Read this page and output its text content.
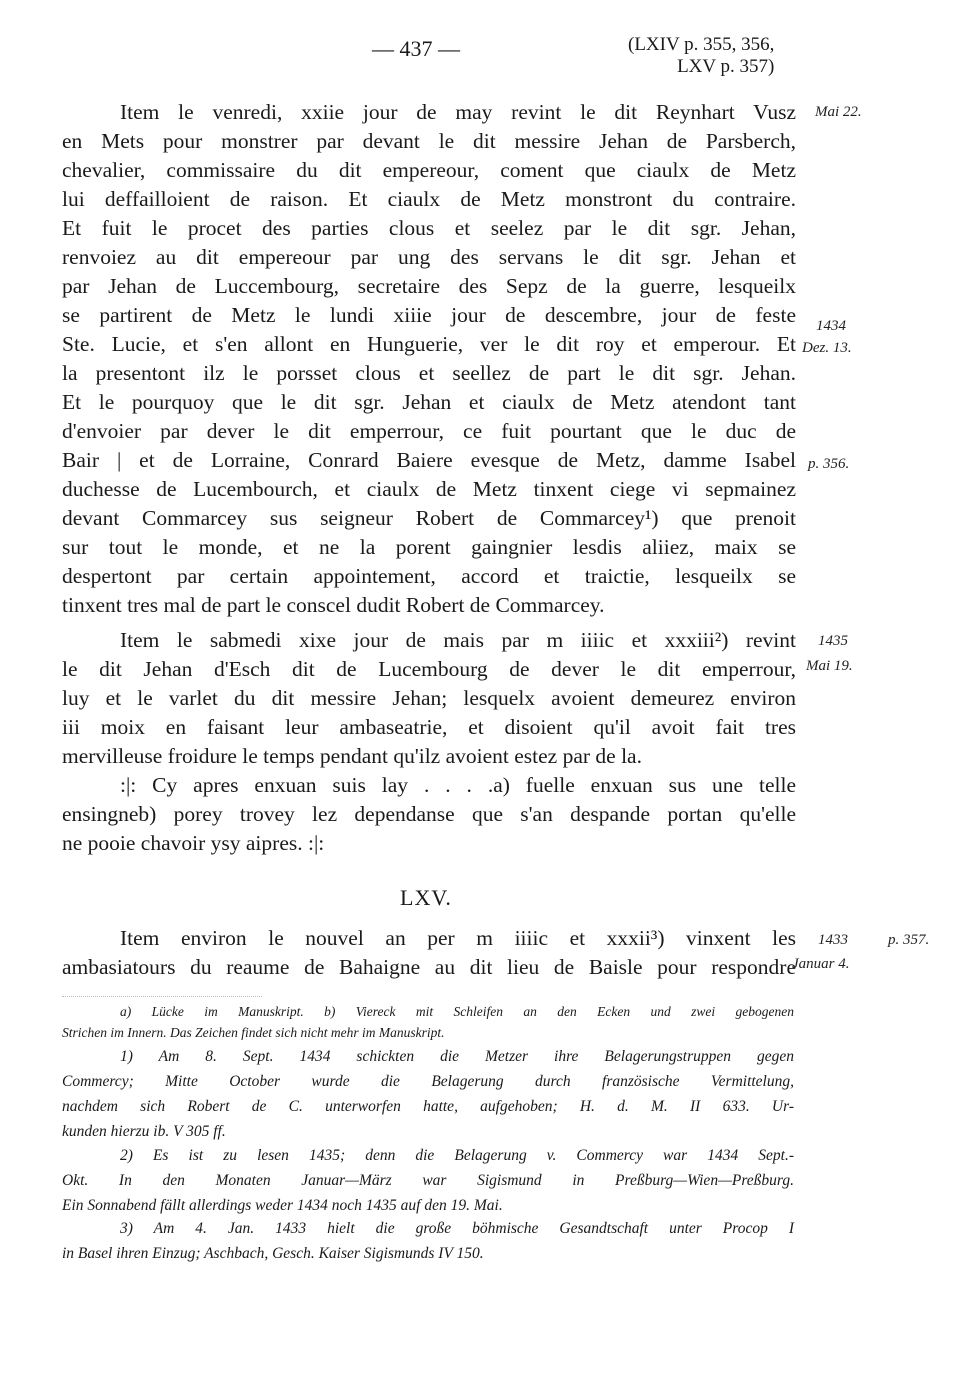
— 437 —	(LXIV p. 355, 356,
LXV p. 357)
Item le venredi, xxiie jour de may revint le dit Reynhart Vusz
en Mets pour monstrer par devant le dit messire Jehan de Parsberch,
chevalier, commissaire du dit empereour, coment que ciaulx de Metz
lui deffailloient de raison. Et ciaulx de Metz monstront du contraire.
Et fuit le procet des parties clous et seelez par le dit sgr. Jehan,
renvoiez au dit empereour par ung des servans le dit sgr. Jehan et
par Jehan de Luccembourg, secretaire des Sepz de la guerre, lesqueilx
se partirent de Metz le lundi xiiie jour de descembre, jour de feste
Ste. Lucie, et s'en allont en Hunguerie, ver le dit roy et emperour. Et
la presentont ilz le porsset clous et seellez de part le dit sgr. Jehan.
Et le pourquoy que le dit sgr. Jehan et ciaulx de Metz atendont tant
d'envoier par dever le dit emperrour, ce fuit pourtant que le duc de
Bair | et de Lorraine, Conrard Baiere evesque de Metz, damme Isabel
duchesse de Lucembourch, et ciaulx de Metz tinxent ciege vi sepmainez
devant Commarcey sus seigneur Robert de Commarcey¹) que prenoit
sur tout le monde, et ne la porent gaingnier lesdis aliiez, maix se
despertont par certain appointement, accord et traictie, lesqueilx se
tinxent tres mal de part le conscel dudit Robert de Commarcey.
Item le sabmedi xixe jour de mais par m iiiic et xxxiii²) revint
le dit Jehan d'Esch dit de Lucembourg de dever le dit emperrour,
luy et le varlet du dit messire Jehan; lesquelx avoient demeurez environ
iii moix en faisant leur ambaseatrie, et disoient qu'il avoit fait tres
mervilleuse froidure le temps pendant qu'ilz avoient estez par de la.
:|: Cy apres enxuan suis lay . . . .a) fuelle enxuan sus une telle
ensingneb) porey trovey lez dependanse que s'an despande portan qu'elle
ne pooie chavoir ysy aipres. :|:
LXV.
Item environ le nouvel an per m iiiic et xxxii³) vinxent les
ambasiatours du reaume de Bahaigne au dit lieu de Baisle pour respondre
Mai 22.
1434
Dez. 13.
p. 356.
1435
Mai 19.
1433
Januar 4.
p. 357.
a) Lücke im Manuskript. b) Viereck mit Schleifen an den Ecken und zwei gebogenen
Strichen im Innern. Das Zeichen findet sich nicht mehr im Manuskript.
1) Am 8. Sept. 1434 schickten die Metzer ihre Belagerungstruppen gegen
Commercy; Mitte October wurde die Belagerung durch französische Vermittelung,
nachdem sich Robert de C. unterworfen hatte, aufgehoben; H. d. M. II 633. Ur-
kunden hierzu ib. V 305 ff.
2) Es ist zu lesen 1435; denn die Belagerung v. Commercy war 1434 Sept.-
Okt. In den Monaten Januar—März war Sigismund in Preßburg—Wien—Preßburg.
Ein Sonnabend fällt allerdings weder 1434 noch 1435 auf den 19. Mai.
3) Am 4. Jan. 1433 hielt die große böhmische Gesandtschaft unter Procop I
in Basel ihren Einzug; Aschbach, Gesch. Kaiser Sigismunds IV 150.
